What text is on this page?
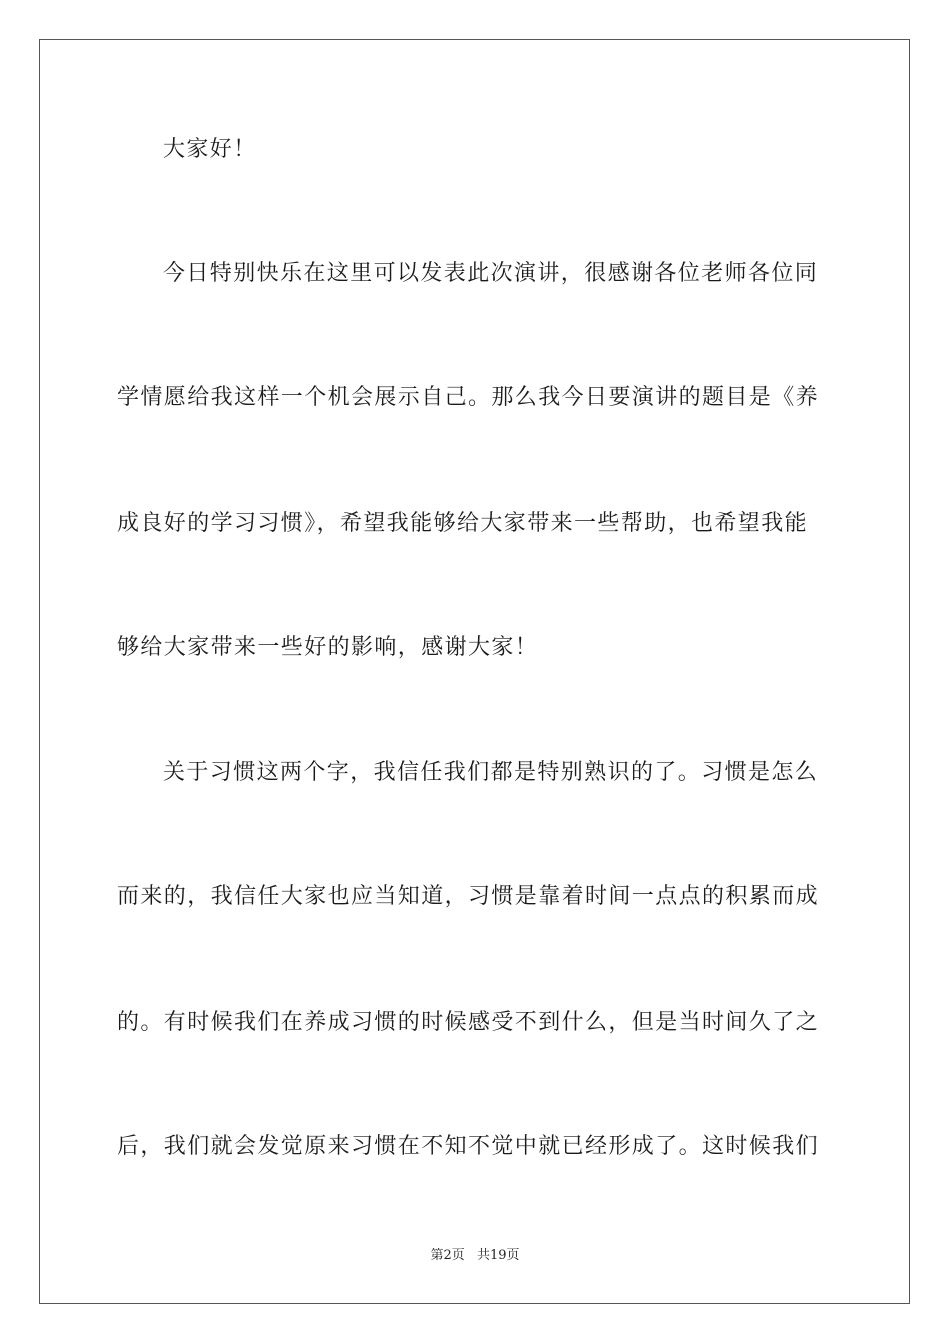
大家好！
今日特别快乐在这里可以发表此次演讲，很感谢各位老师各位同
学情愿给我这样一个机会展示自己。那么我今日要演讲的题目是《养
成良好的学习习惯》，希望我能够给大家带来一些帮助，也希望我能
够给大家带来一些好的影响，感谢大家！
关于习惯这两个字，我信任我们都是特别熟识的了。习惯是怎么
而来的，我信任大家也应当知道，习惯是靠着时间一点点的积累而成
的。有时候我们在养成习惯的时候感受不到什么，但是当时间久了之
后，我们就会发觉原来习惯在不知不觉中就已经形成了。这时候我们
第2页 共19页
